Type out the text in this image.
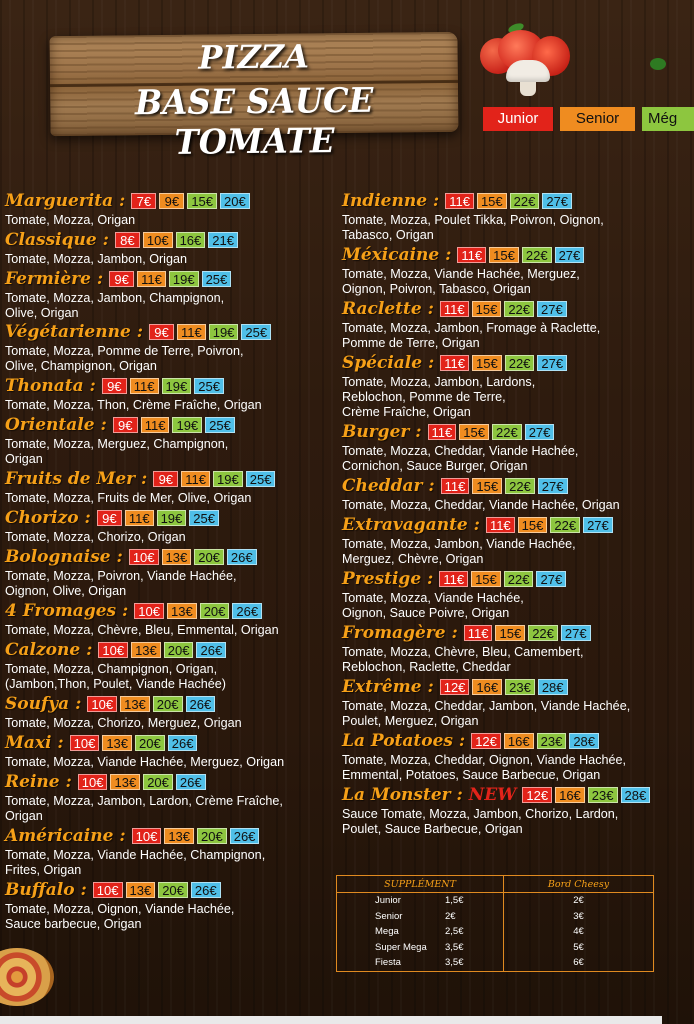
PIZZA
BASE SAUCE TOMATE
Junior	Senior	Még
Marguerita : 7€	9€ 15€ 20€
Tomate, Mozza, Origan
Classique : 8€ 10€ 16€ 21€
Tomate, Mozza, Jambon, Origan
Fermière : 9€ 11€ 19€ 25€
Tomate, Mozza, Jambon, Champignon,
Olive, Origan
Végétarienne : 9€ 11€ 19€ 25€
Tomate, Mozza, Pomme de Terre, Poivron,
Olive, Champignon, Origan
Thonata : 9€ 11€ 19€ 25€
Tomate, Mozza, Thon, Crème Fraîche, Origan
Orientale : 9€ 11€ 19€ 25€
Tomate, Mozza, Merguez, Champignon,
Origan
Fruits de Mer : 9€ 11€ 19€ 25€
Tomate, Mozza, Fruits de Mer, Olive, Origan
Chorizo : 9€ 11€ 19€ 25€
Tomate, Mozza, Chorizo, Origan
Bolognaise : 10€ 13€ 20€ 26€
Tomate, Mozza, Poivron, Viande Hachée,
Oignon, Olive, Origan
4 Fromages : 10€ 13€ 20€ 26€
Tomate, Mozza, Chèvre, Bleu, Emmental, Origan
Calzone : 10€ 13€ 20€ 26€
Tomate, Mozza, Champignon, Origan,
(Jambon,Thon, Poulet, Viande Hachée)
Soufya : 10€ 13€ 20€ 26€
Tomate, Mozza, Chorizo, Merguez, Origan
Maxi : 10€ 13€ 20€ 26€
Tomate, Mozza, Viande Hachée, Merguez, Origan
Reine : 10€ 13€ 20€ 26€
Tomate, Mozza, Jambon, Lardon, Crème Fraîche,
Origan
Américaine : 10€ 13€ 20€ 26€
Tomate, Mozza, Viande Hachée, Champignon,
Frites, Origan
Buffalo : 10€ 13€ 20€ 26€
Tomate, Mozza, Oignon, Viande Hachée,
Sauce barbecue, Origan
Indienne : 11€ 15€ 22€ 27€
Tomate, Mozza, Poulet Tikka, Poivron, Oignon,
Tabasco, Origan
Méxicaine : 11€ 15€ 22€ 27€
Tomate, Mozza, Viande Hachée, Merguez,
Oignon, Poivron, Tabasco, Origan
Raclette : 11€ 15€ 22€ 27€
Tomate, Mozza, Jambon, Fromage à Raclette,
Pomme de Terre, Origan
Spéciale : 11€ 15€ 22€ 27€
Tomate, Mozza, Jambon, Lardons,
Reblochon, Pomme de Terre,
Crème Fraîche, Origan
Burger : 11€ 15€ 22€ 27€
Tomate, Mozza, Cheddar, Viande Hachée,
Cornichon, Sauce Burger, Origan
Cheddar : 11€ 15€ 22€ 27€
Tomate, Mozza, Cheddar, Viande Hachée, Origan
Extravagante : 11€ 15€ 22€ 27€
Tomate, Mozza, Jambon, Viande Hachée,
Merguez, Chèvre, Origan
Prestige : 11€ 15€ 22€ 27€
Tomate, Mozza, Viande Hachée,
Oignon, Sauce Poivre, Origan
Fromagère : 11€ 15€ 22€ 27€
Tomate, Mozza, Chèvre, Bleu, Camembert,
Reblochon, Raclette, Cheddar
Extrême : 12€ 16€ 23€ 28€
Tomate, Mozza, Cheddar, Jambon, Viande Hachée,
Poulet, Merguez, Origan
La Potatoes : 12€ 16€ 23€ 28€
Tomate, Mozza, Cheddar, Oignon, Viande Hachée,
Emmental, Potatoes, Sauce Barbecue, Origan
La Monster : NEW 12€ 16€ 23€ 28€
Sauce Tomate, Mozza, Jambon, Chorizo, Lardon,
Poulet, Sauce Barbecue, Origan
SUPPLÉMENT		Bord Cheesy
Junior	1,5€	2€
Senior	2€	3€
Mega	2,5€	4€
Super Mega	3,5€	5€
Fiesta	3,5€	6€
